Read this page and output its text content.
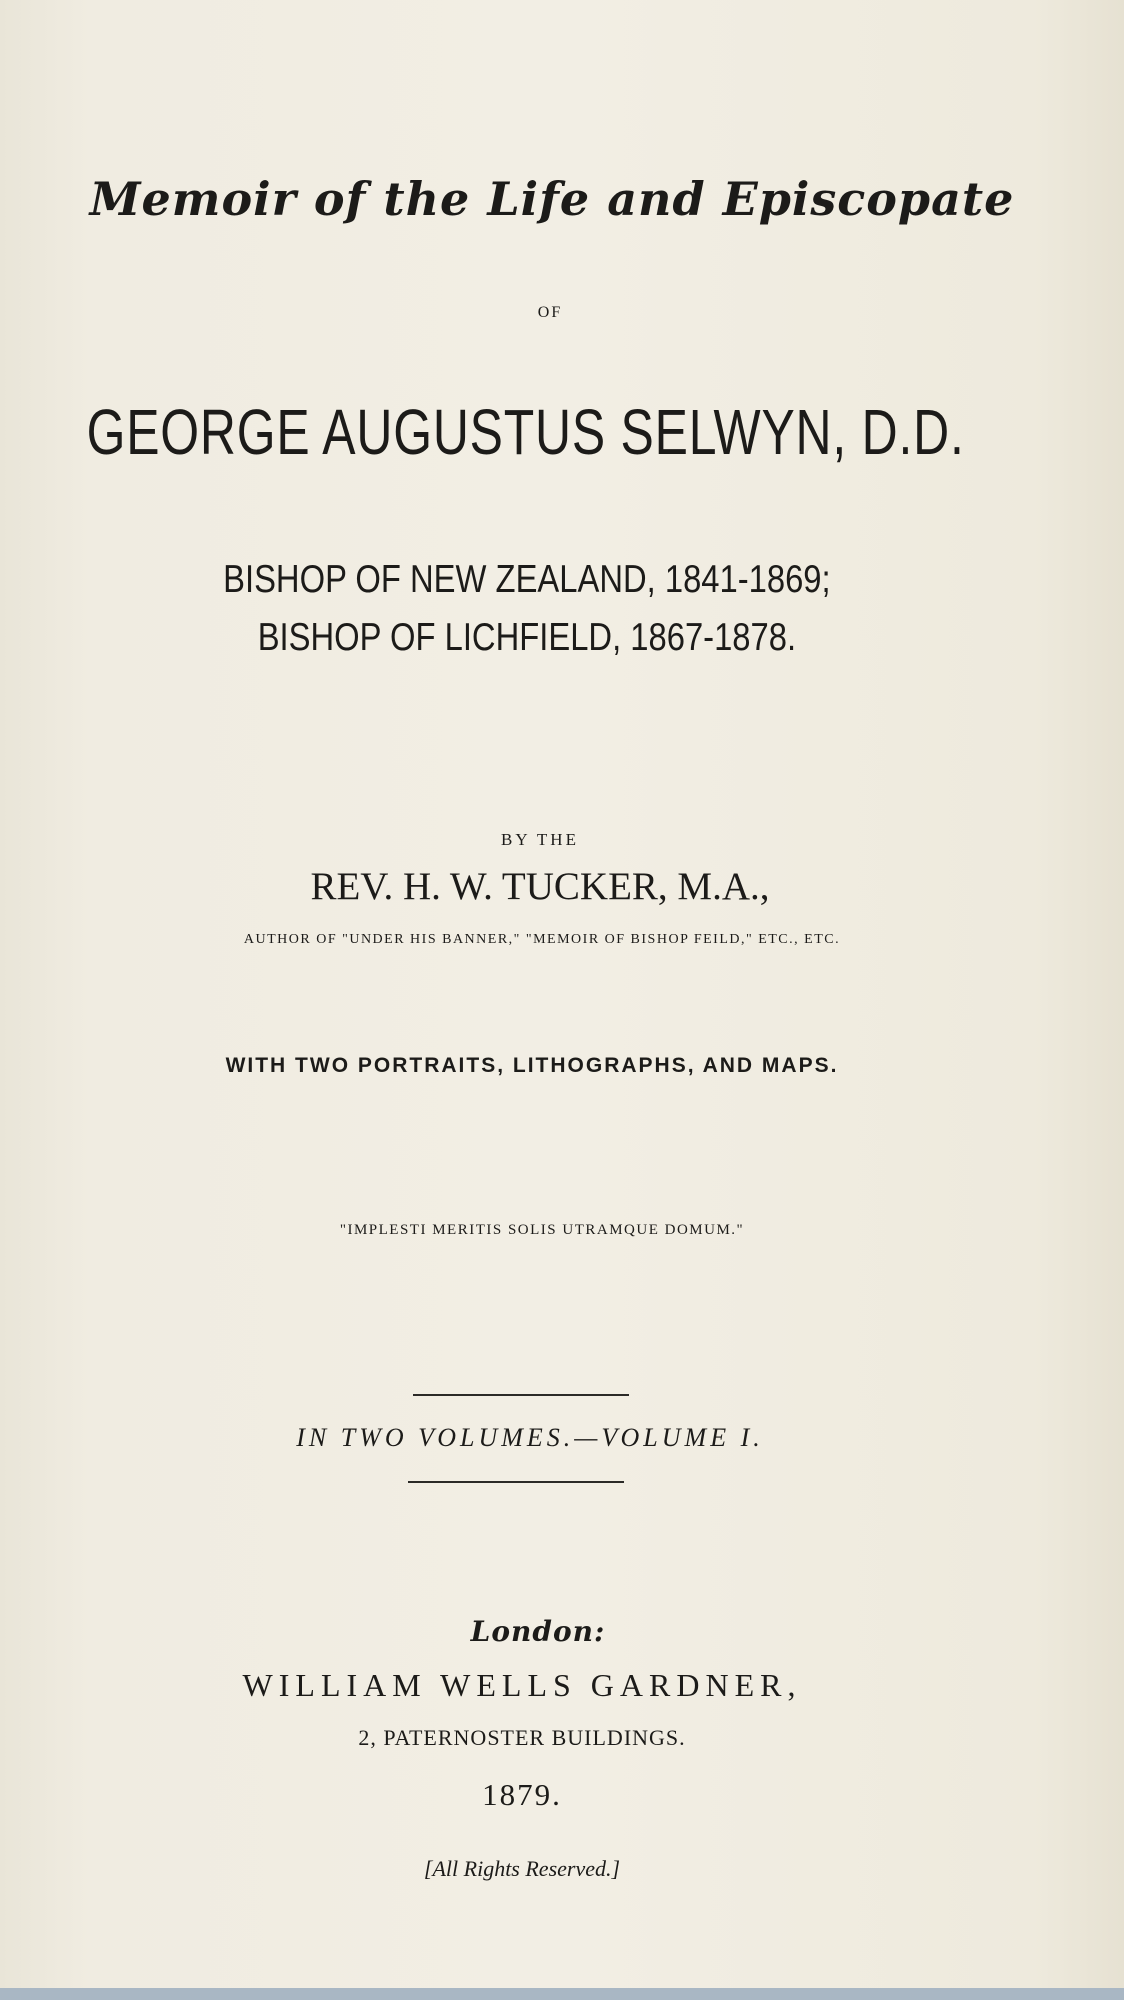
Memoir of the Life and Episcopate
OF
GEORGE AUGUSTUS SELWYN, D.D.
BISHOP OF NEW ZEALAND, 1841-1869;
BISHOP OF LICHFIELD, 1867-1878.
BY THE
REV. H. W. TUCKER, M.A.,
AUTHOR OF "UNDER HIS BANNER," "MEMOIR OF BISHOP FEILD," ETC., ETC.
WITH TWO PORTRAITS, LITHOGRAPHS, AND MAPS.
"IMPLESTI MERITIS SOLIS UTRAMQUE DOMUM."
IN TWO VOLUMES.—VOLUME I.
London:
WILLIAM WELLS GARDNER,
2, PATERNOSTER BUILDINGS.
1879.
[All Rights Reserved.]
